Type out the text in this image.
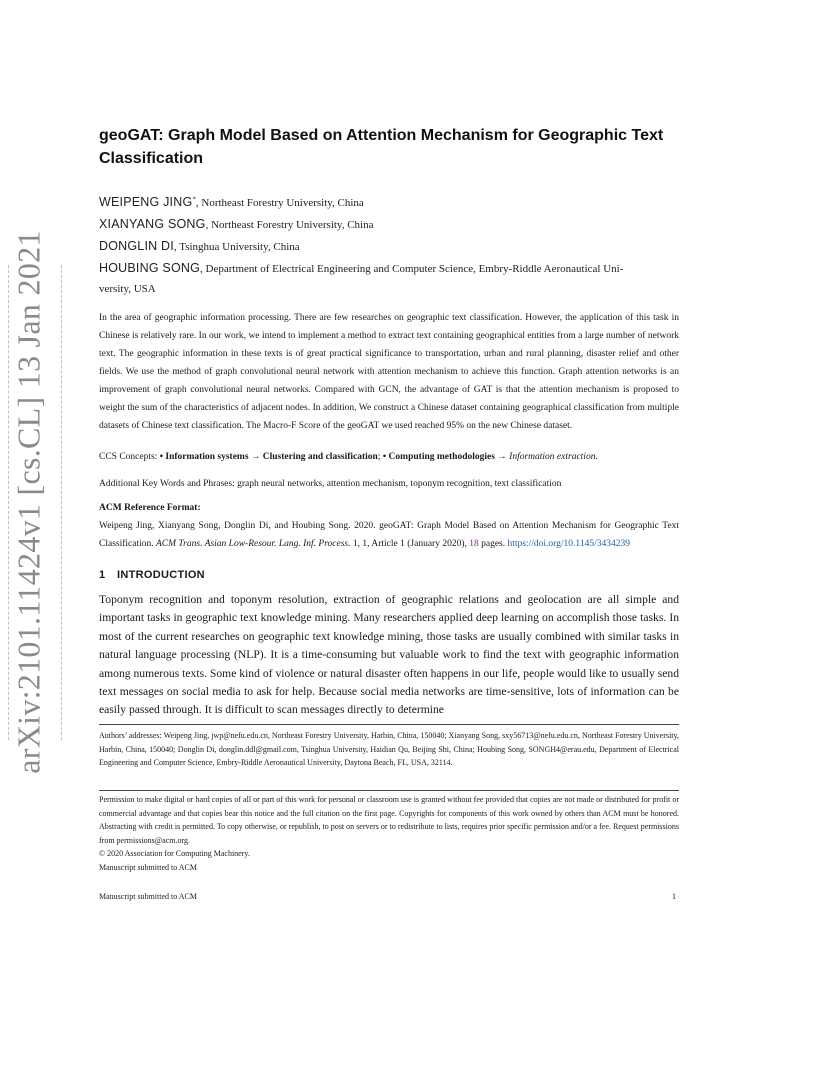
arXiv:2101.11424v1 [cs.CL] 13 Jan 2021
geoGAT: Graph Model Based on Attention Mechanism for Geographic Text Classification
WEIPENG JING*, Northeast Forestry University, China
XIANYANG SONG, Northeast Forestry University, China
DONGLIN DI, Tsinghua University, China
HOUBING SONG, Department of Electrical Engineering and Computer Science, Embry-Riddle Aeronautical Uni-
versity, USA

In the area of geographic information processing. There are few researches on geographic text classification. However, the application of this task in Chinese is relatively rare. In our work, we intend to implement a method to extract text containing geographical entities from a large number of network text. The geographic information in these texts is of great practical significance to transportation, urban and rural planning, disaster relief and other fields. We use the method of graph convolutional neural network with attention mechanism to achieve this function. Graph attention networks is an improvement of graph convolutional neural networks. Compared with GCN, the advantage of GAT is that the attention mechanism is proposed to weight the sum of the characteristics of adjacent nodes. In addition, We construct a Chinese dataset containing geographical classification from multiple datasets of Chinese text classification. The Macro-F Score of the geoGAT we used reached 95% on the new Chinese dataset.

CCS Concepts: • Information systems → Clustering and classification; • Computing methodologies → Information extraction.
Additional Key Words and Phrases: graph neural networks, attention mechanism, toponym recognition, text classification
ACM Reference Format:

Weipeng Jing, Xianyang Song, Donglin Di, and Houbing Song. 2020. geoGAT: Graph Model Based on Attention Mechanism for Geographic Text Classification. ACM Trans. Asian Low-Resour. Lang. Inf. Process. 1, 1, Article 1 (January 2020), 18 pages. https://doi.org/10.1145/3434239

1 INTRODUCTION

Toponym recognition and toponym resolution, extraction of geographic relations and geolocation are all simple and important tasks in geographic text knowledge mining. Many researchers applied deep learning on accomplish those tasks. In most of the current researches on geographic text knowledge mining, those tasks are usually combined with similar tasks in natural language processing (NLP). It is a time-consuming but valuable work to find the text with geographic information among numerous texts. Some kind of violence or natural disaster often happens in our life, people would like to usually send text messages on social media to ask for help. Because social media networks are time-sensitive, lots of information can be easily passed through. It is difficult to scan messages directly to determine

Authors’ addresses: Weipeng Jing, jwp@nefu.edu.cn, Northeast Forestry University, Harbin, China, 150040; Xianyang Song, sxy56713@nefu.edu.cn, Northeast Forestry University, Harbin, China, 150040; Donglin Di, donglin.ddl@gmail.com, Tsinghua University, Haidian Qu, Beijing Shi, China; Houbing Song, SONGH4@erau.edu, Department of Electrical Engineering and Computer Science, Embry-Riddle Aeronautical University, Daytona Beach, FL, USA, 32114.

Permission to make digital or hard copies of all or part of this work for personal or classroom use is granted without fee provided that copies are not made or distributed for profit or commercial advantage and that copies bear this notice and the full citation on the first page. Copyrights for components of this work owned by others than ACM must be honored. Abstracting with credit is permitted. To copy otherwise, or republish, to post on servers or to redistribute to lists, requires prior specific permission and/or a fee. Request permissions from permissions@acm.org.

© 2020 Association for Computing Machinery.
Manuscript submitted to ACM
Manuscript submitted to ACM	1
